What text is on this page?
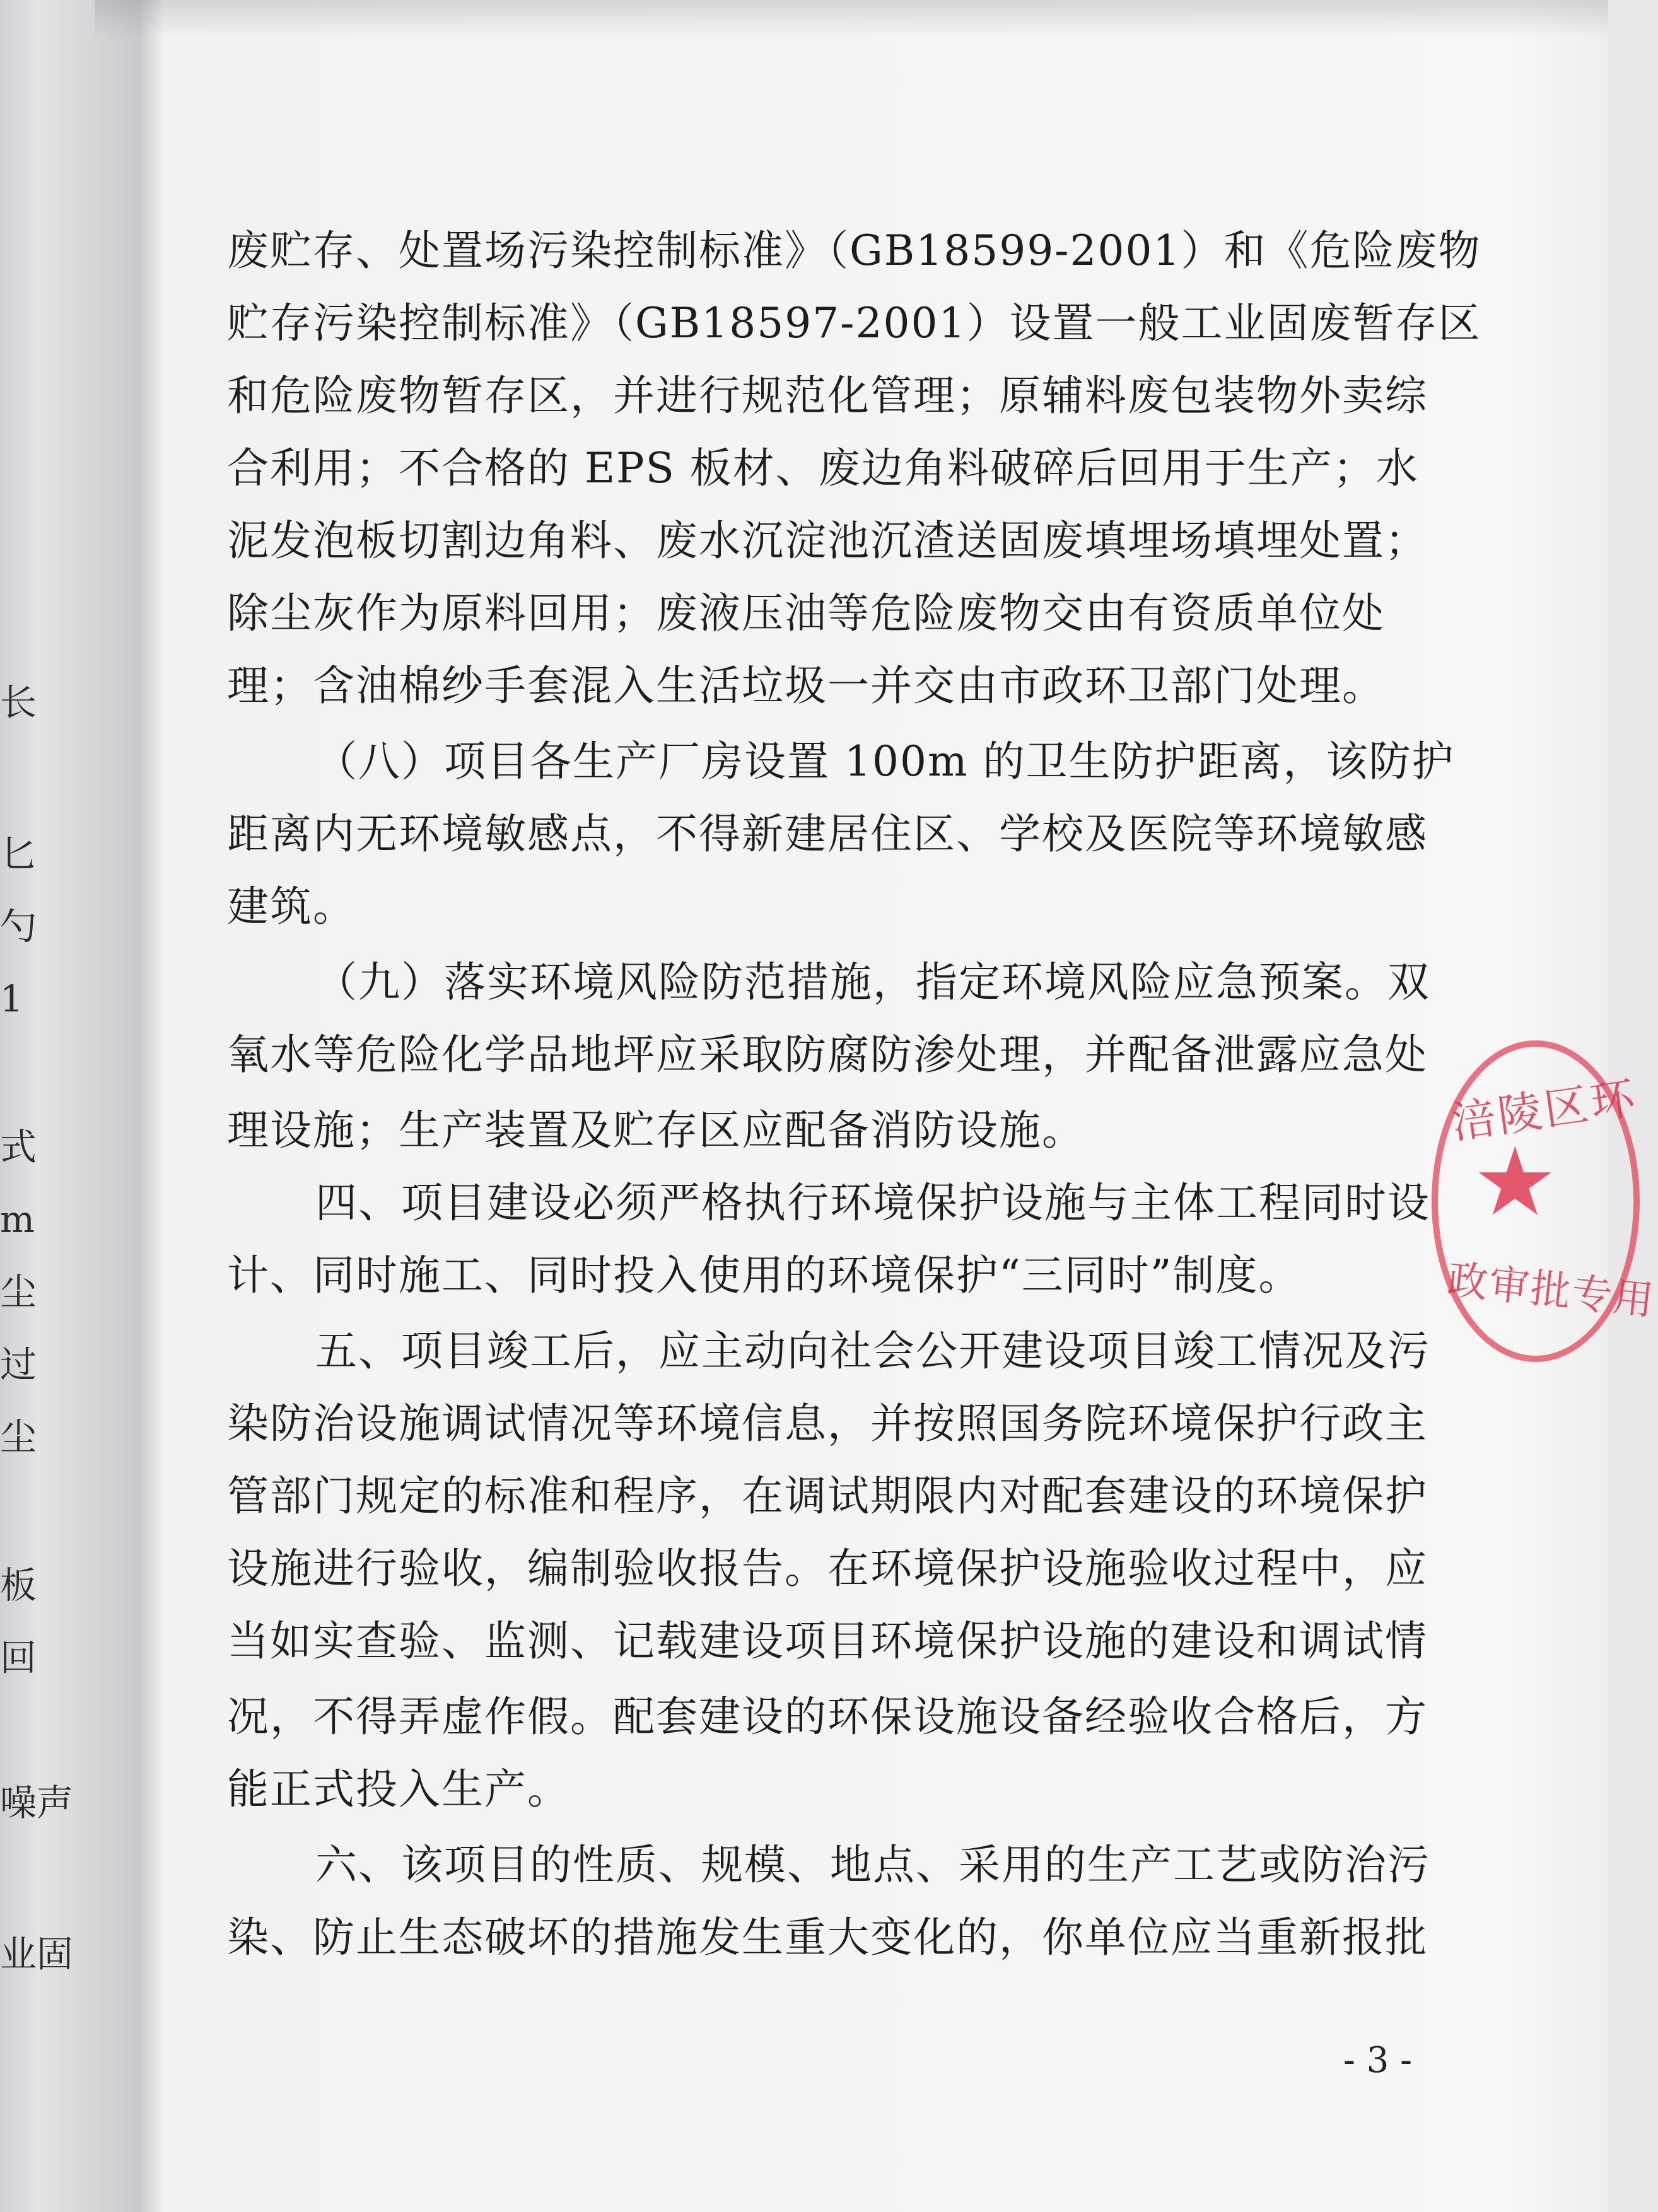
长
匕
勺
1
式
m
尘
过
尘
板
回
噪声
业固
废贮存、处置场污染控制标准》（GB18599-2001）和《危险废物
贮存污染控制标准》（GB18597-2001）设置一般工业固废暂存区
和危险废物暂存区，并进行规范化管理；原辅料废包装物外卖综
合利用；不合格的 EPS 板材、废边角料破碎后回用于生产；水
泥发泡板切割边角料、废水沉淀池沉渣送固废填埋场填埋处置；
除尘灰作为原料回用；废液压油等危险废物交由有资质单位处
理；含油棉纱手套混入生活垃圾一并交由市政环卫部门处理。
（八）项目各生产厂房设置 100m 的卫生防护距离，该防护
距离内无环境敏感点，不得新建居住区、学校及医院等环境敏感
建筑。
（九）落实环境风险防范措施，指定环境风险应急预案。双
氧水等危险化学品地坪应采取防腐防渗处理，并配备泄露应急处
理设施；生产装置及贮存区应配备消防设施。
四、项目建设必须严格执行环境保护设施与主体工程同时设
计、同时施工、同时投入使用的环境保护“三同时”制度。
五、项目竣工后，应主动向社会公开建设项目竣工情况及污
染防治设施调试情况等环境信息，并按照国务院环境保护行政主
管部门规定的标准和程序，在调试期限内对配套建设的环境保护
设施进行验收，编制验收报告。在环境保护设施验收过程中，应
当如实查验、监测、记载建设项目环境保护设施的建设和调试情
况，不得弄虚作假。配套建设的环保设施设备经验收合格后，方
能正式投入生产。
六、该项目的性质、规模、地点、采用的生产工艺或防治污
染、防止生态破坏的措施发生重大变化的，你单位应当重新报批
- 3 -
涪陵区环
★
政审批专用
